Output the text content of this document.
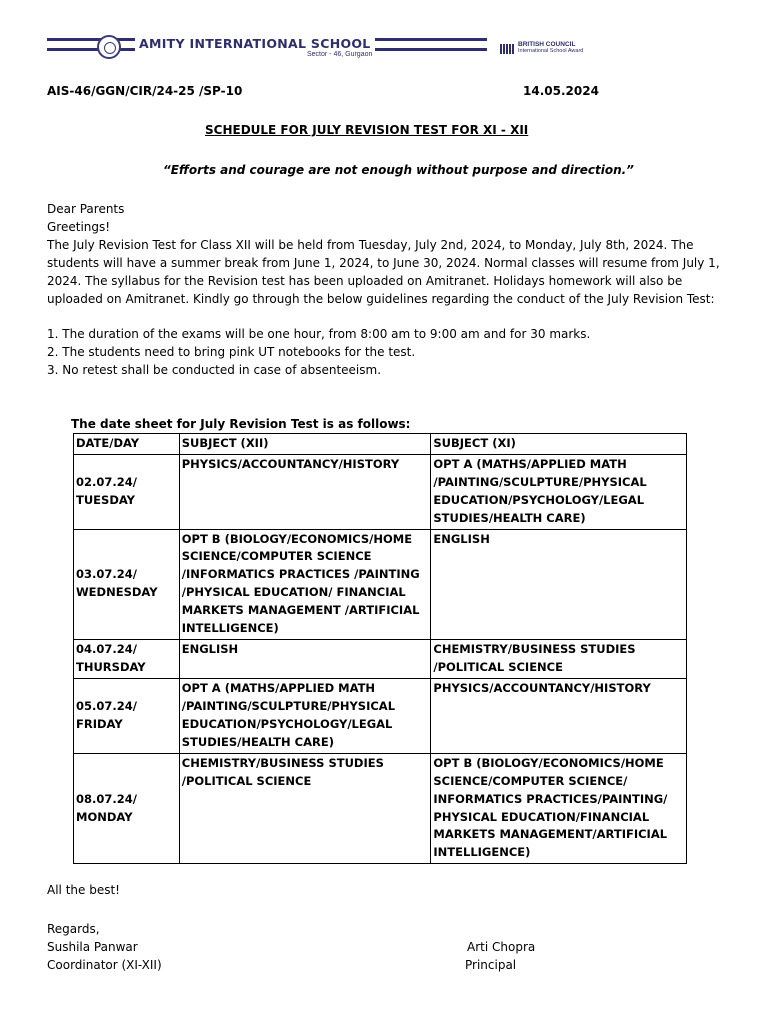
AMITY INTERNATIONAL SCHOOL
Sector - 46, Gurgaon
BRITISH COUNCIL
International School Award
AIS-46/GGN/CIR/24-25 /SP-10	14.05.2024
SCHEDULE FOR JULY REVISION TEST FOR XI - XII
“Efforts and courage are not enough without purpose and direction.”

Dear Parents

Greetings!

The July Revision Test for Class XII will be held from Tuesday, July 2nd, 2024, to Monday, July 8th, 2024. The students will have a summer break from June 1, 2024, to June 30, 2024. Normal classes will resume from July 1, 2024. The syllabus for the Revision test has been uploaded on Amitranet. Holidays homework will also be uploaded on Amitranet. Kindly go through the below guidelines regarding the conduct of the July Revision Test:

1. The duration of the exams will be one hour, from 8:00 am to 9:00 am and for 30 marks.

2. The students need to bring pink UT notebooks for the test.

3. No retest shall be conducted in case of absenteeism.

The date sheet for July Revision Test is as follows:
DATE/DAY	SUBJECT (XII)	SUBJECT (XI)

02.07.24/
TUESDAY	PHYSICS/ACCOUNTANCY/HISTORY	OPT A (MATHS/APPLIED MATH /PAINTING/SCULPTURE/PHYSICAL EDUCATION/PSYCHOLOGY/LEGAL STUDIES/HEALTH CARE)

03.07.24/
WEDNESDAY	OPT B (BIOLOGY/ECONOMICS/HOME SCIENCE/COMPUTER SCIENCE /INFORMATICS PRACTICES /PAINTING /PHYSICAL EDUCATION/ FINANCIAL MARKETS MANAGEMENT /ARTIFICIAL INTELLIGENCE)	ENGLISH

04.07.24/
THURSDAY	ENGLISH	CHEMISTRY/BUSINESS STUDIES /POLITICAL SCIENCE

05.07.24/
FRIDAY	OPT A (MATHS/APPLIED MATH /PAINTING/SCULPTURE/PHYSICAL EDUCATION/PSYCHOLOGY/LEGAL STUDIES/HEALTH CARE)	PHYSICS/ACCOUNTANCY/HISTORY

08.07.24/
MONDAY	CHEMISTRY/BUSINESS STUDIES /POLITICAL SCIENCE	OPT B (BIOLOGY/ECONOMICS/HOME SCIENCE/COMPUTER SCIENCE/ INFORMATICS PRACTICES/PAINTING/ PHYSICAL EDUCATION/FINANCIAL MARKETS MANAGEMENT/ARTIFICIAL INTELLIGENCE)
All the best!
Regards,
Sushila Panwar
Coordinator (XI-XII)
Arti Chopra
Principal
